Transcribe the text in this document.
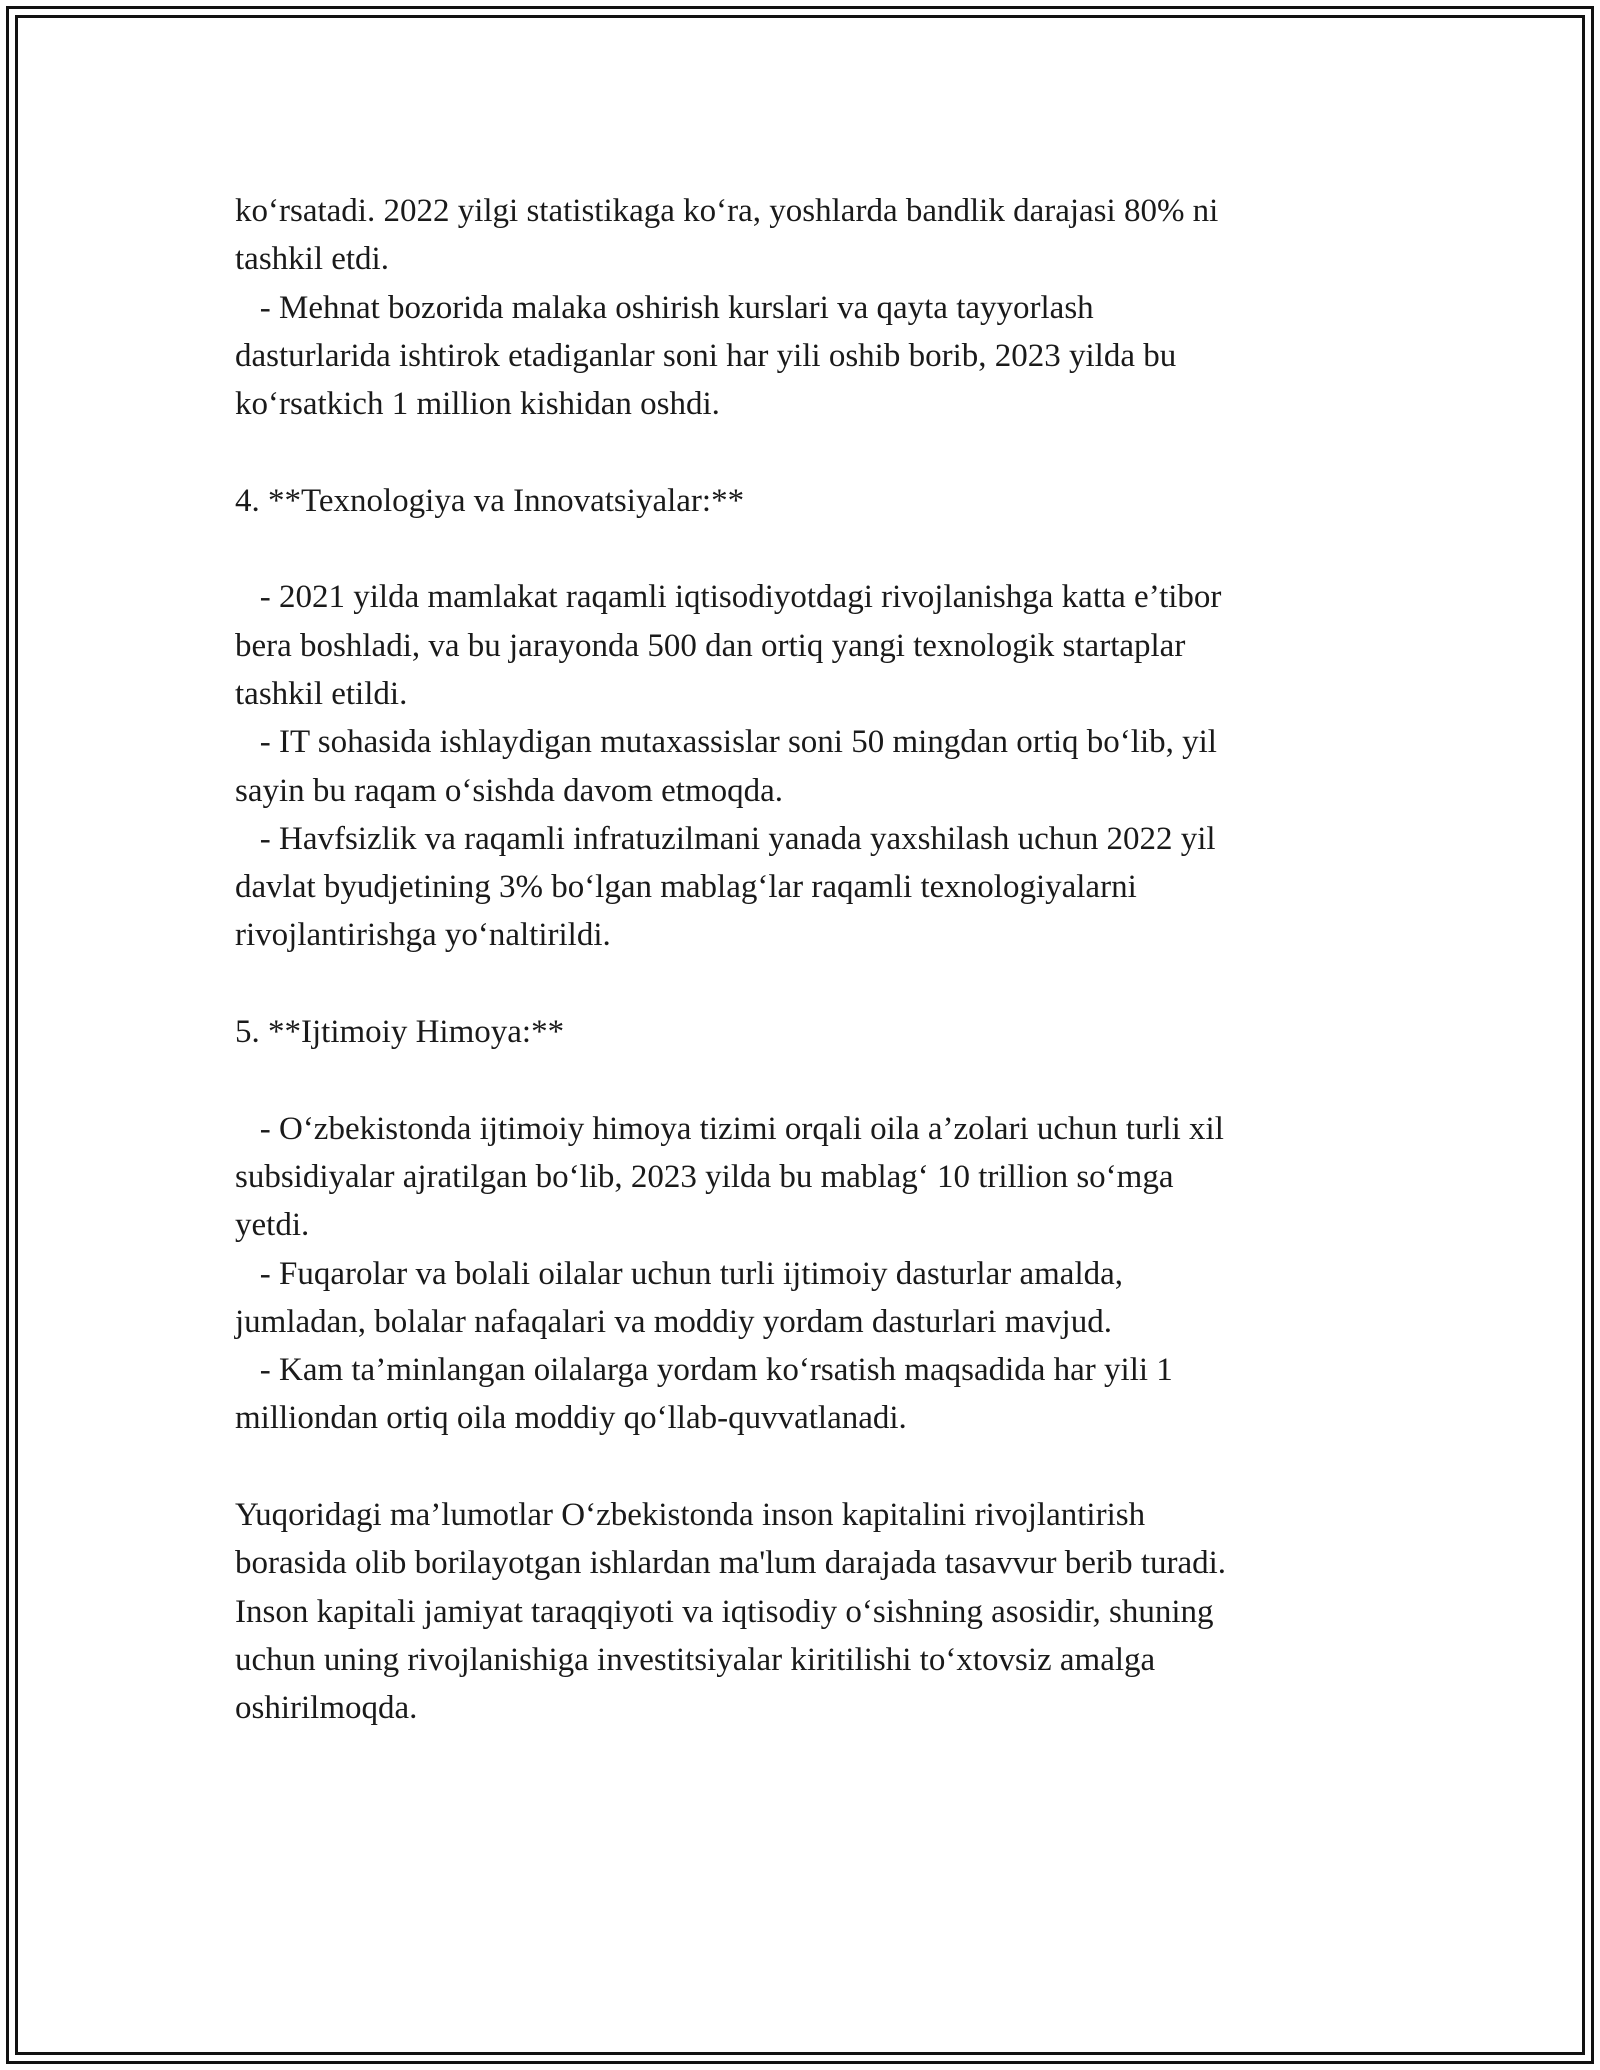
ko‘rsatadi. 2022 yilgi statistikaga ko‘ra, yoshlarda bandlik darajasi 80% ni
tashkil etdi.
- Mehnat bozorida malaka oshirish kurslari va qayta tayyorlash
dasturlarida ishtirok etadiganlar soni har yili oshib borib, 2023 yilda bu
ko‘rsatkich 1 million kishidan oshdi.
4. **Texnologiya va Innovatsiyalar:**
- 2021 yilda mamlakat raqamli iqtisodiyotdagi rivojlanishga katta e’tibor
bera boshladi, va bu jarayonda 500 dan ortiq yangi texnologik startaplar
tashkil etildi.
- IT sohasida ishlaydigan mutaxassislar soni 50 mingdan ortiq bo‘lib, yil
sayin bu raqam o‘sishda davom etmoqda.
- Havfsizlik va raqamli infratuzilmani yanada yaxshilash uchun 2022 yil
davlat byudjetining 3% bo‘lgan mablag‘lar raqamli texnologiyalarni
rivojlantirishga yo‘naltirildi.
5. **Ijtimoiy Himoya:**
- O‘zbekistonda ijtimoiy himoya tizimi orqali oila a’zolari uchun turli xil
subsidiyalar ajratilgan bo‘lib, 2023 yilda bu mablag‘ 10 trillion so‘mga
yetdi.
- Fuqarolar va bolali oilalar uchun turli ijtimoiy dasturlar amalda,
jumladan, bolalar nafaqalari va moddiy yordam dasturlari mavjud.
- Kam ta’minlangan oilalarga yordam ko‘rsatish maqsadida har yili 1
milliondan ortiq oila moddiy qo‘llab-quvvatlanadi.
Yuqoridagi ma’lumotlar O‘zbekistonda inson kapitalini rivojlantirish
borasida olib borilayotgan ishlardan ma'lum darajada tasavvur berib turadi.
Inson kapitali jamiyat taraqqiyoti va iqtisodiy o‘sishning asosidir, shuning
uchun uning rivojlanishiga investitsiyalar kiritilishi to‘xtovsiz amalga
oshirilmoqda.
